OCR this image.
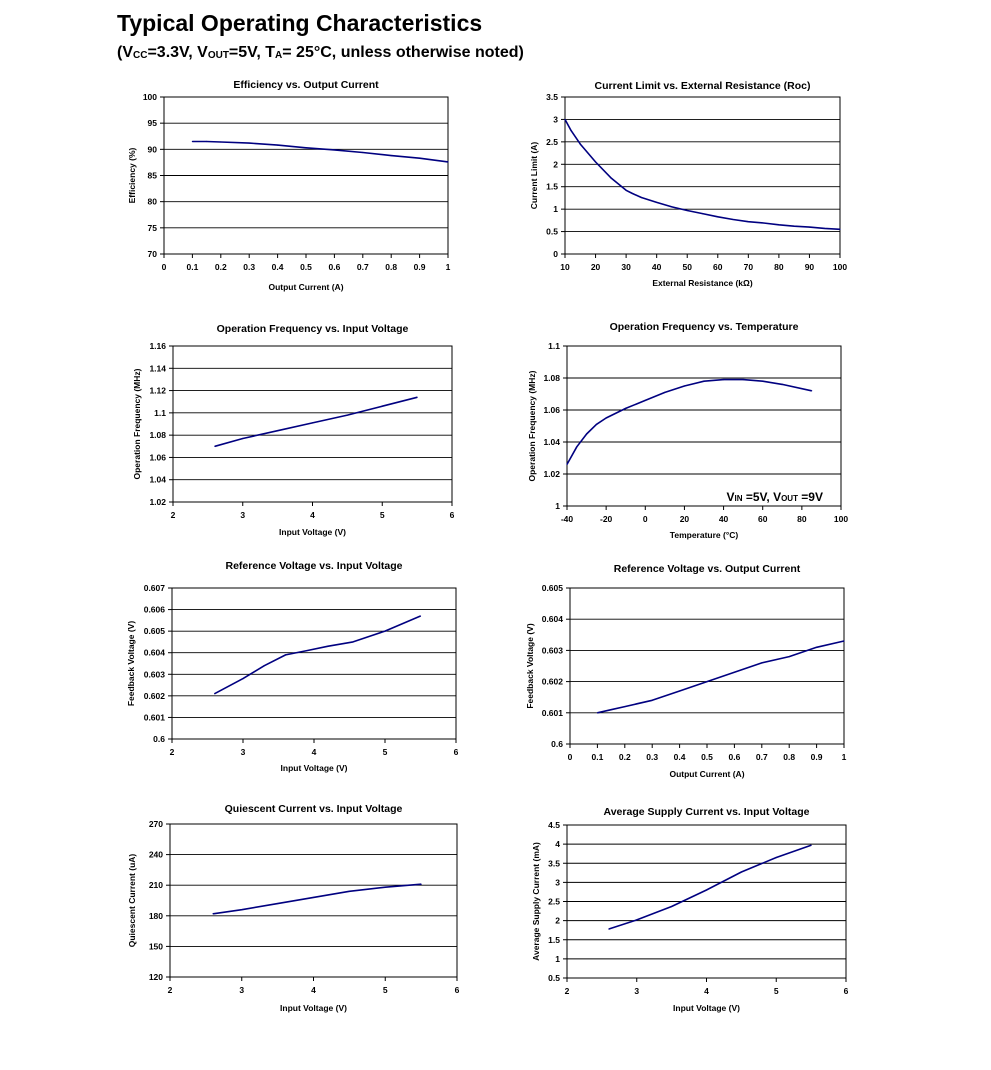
Typical Operating Characteristics
(VCC=3.3V, VOUT=5V, TA= 25°C, unless otherwise noted)
70
75
80
85
90
95
100
0 0.1 0.2 0.3 0.4 0.5 0.6 0.7 0.8 0.9 1
Efficiency vs. Output Current
Output Current (A)
Efficiency (%)
0
0.5
1
1.5
2
2.5
3
3.5
10 20 30 40 50 60 70 80 90 100
Current Limit vs. External Resistance (Roc)
External Resistance (kΩ)
Current Limit (A)
1.02
1.04
1.06
1.08
1.1
1.12
1.14
1.16
2	3	4	5	6
Operation Frequency vs. Input Voltage
Input Voltage (V)
Operation Frequency (MHz)
1
1.02
1.04
1.06
1.08
1.1
-40	-20	0	20	40	60	80	100
Operation Frequency vs. Temperature
Temperature (°C)
Operation Frequency (MHz)
VIN =5V, VOUT =9V
0.6
0.601
0.602
0.603
0.604
0.605
0.606
0.607
2	3	4	5	6
Reference Voltage vs. Input Voltage
Input Voltage (V)
Feedback Voltage (V)
0.6
0.601
0.602
0.603
0.604
0.605
0 0.1 0.2 0.3 0.4 0.5 0.6 0.7 0.8 0.9 1
Reference Voltage vs. Output Current
Output Current (A)
Feedback Voltage (V)
120
150
180
210
240
270
2	3	4	5	6
Quiescent Current vs. Input Voltage
Input Voltage (V)
Quiescent Current (uA)
0.5
1
1.5
2
2.5
3
3.5
4
4.5
2	3	4	5	6
Average Supply Current vs. Input Voltage
Input Voltage (V)
Average Supply Current (mA)
